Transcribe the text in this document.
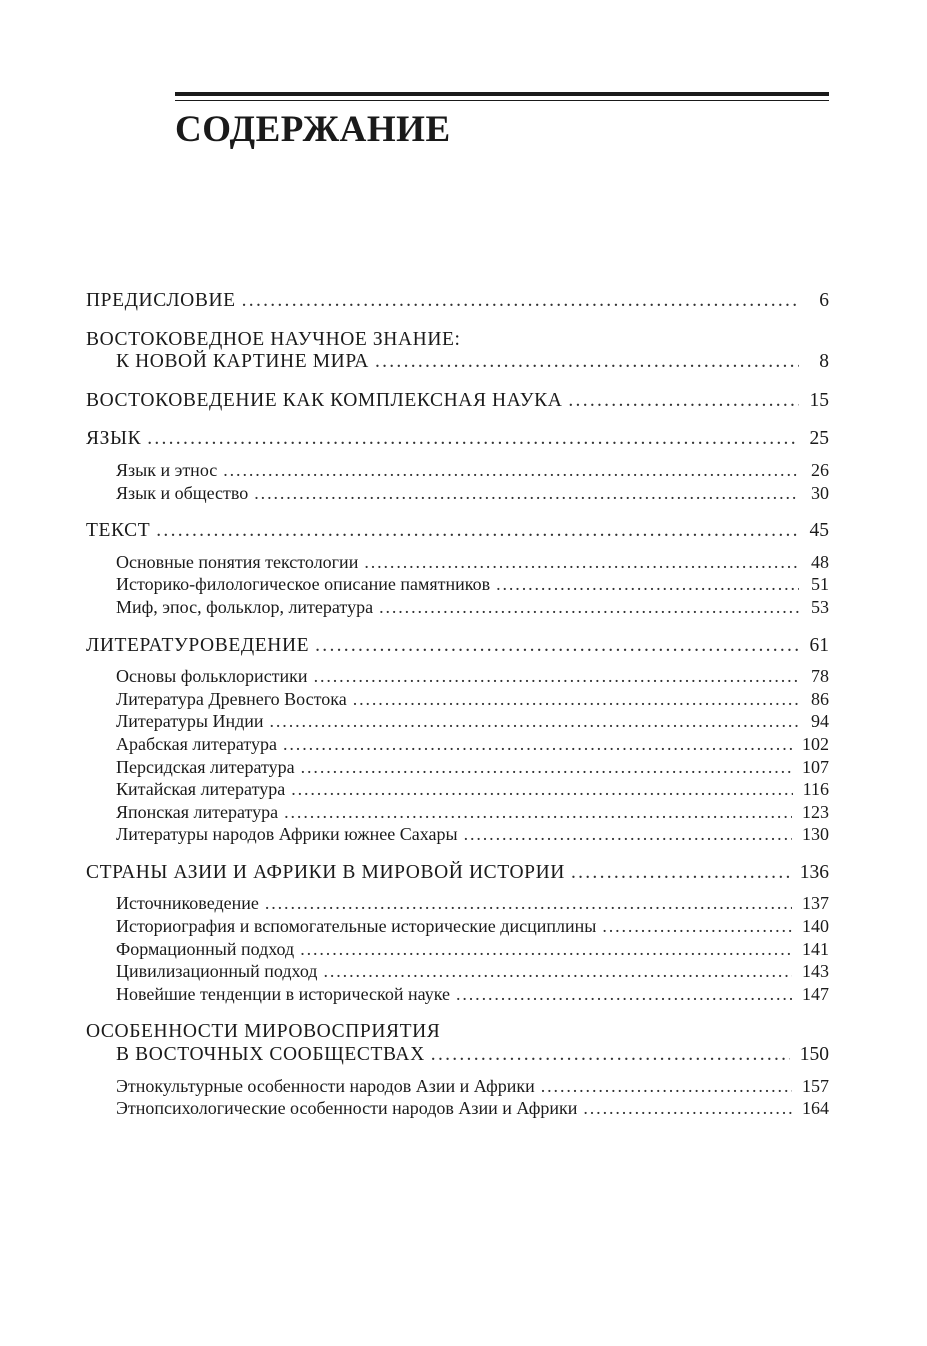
СОДЕРЖАНИЕ
ПРЕДИСЛОВИЕ . . .	6
ВОСТОКОВЕДНОЕ НАУЧНОЕ ЗНАНИЕ:
К НОВОЙ КАРТИНЕ МИРА . . .	8
ВОСТОКОВЕДЕНИЕ КАК КОМПЛЕКСНАЯ НАУКА . . .	15
ЯЗЫК . . .	25
Язык и этнос . . .	26
Язык и общество . . .	30
ТЕКСТ . . .	45
Основные понятия текстологии . . .	48
Историко-филологическое описание памятников . . .	51
Миф, эпос, фольклор, литература . . .	53
ЛИТЕРАТУРОВЕДЕНИЕ . . .	61
Основы фольклористики . . .	78
Литература Древнего Востока . . .	86
Литературы Индии . . .	94
Арабская литература . . .	102
Персидская литература . . .	107
Китайская литература . . .	116
Японская литература . . .	123
Литературы народов Африки южнее Сахары . . .	130
СТРАНЫ АЗИИ И АФРИКИ В МИРОВОЙ ИСТОРИИ . . .	136
Источниковедение . . .	137
Историография и вспомогательные исторические дисциплины . . .	140
Формационный подход . . .	141
Цивилизационный подход . . .	143
Новейшие тенденции в исторической науке . . .	147
ОСОБЕННОСТИ МИРОВОСПРИЯТИЯ
В ВОСТОЧНЫХ СООБЩЕСТВАХ . . .	150
Этнокультурные особенности народов Азии и Африки . . .	157
Этнопсихологические особенности народов Азии и Африки . . .	164
